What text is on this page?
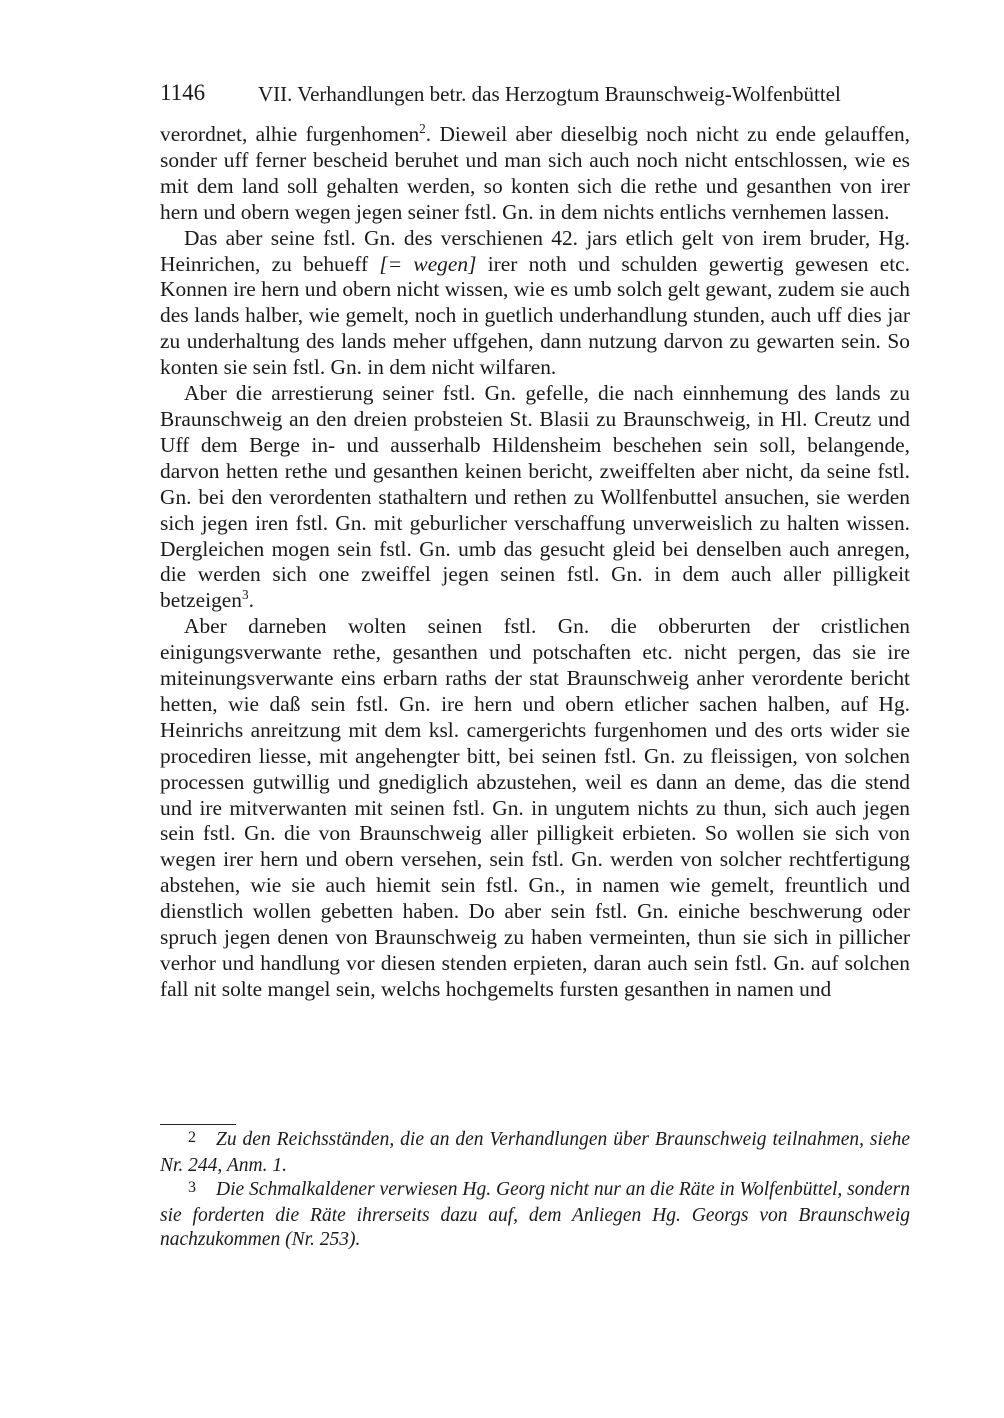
1146	VII. Verhandlungen betr. das Herzogtum Braunschweig-Wolfenbüttel

verordnet, alhie furgenhomen$^2$. Dieweil aber dieselbig noch nicht zu ende gelauffen, sonder uff ferner bescheid beruhet und man sich auch noch nicht entschlossen, wie es mit dem land soll gehalten werden, so konten sich die rethe und gesanthen von irer hern und obern wegen jegen seiner fstl. Gn. in dem nichts entlichs vernhemen lassen.

Das aber seine fstl. Gn. des verschienen 42. jars etlich gelt von irem bruder, Hg. Heinrichen, zu behueff [= wegen] irer noth und schulden gewertig gewesen etc. Konnen ire hern und obern nicht wissen, wie es umb solch gelt gewant, zudem sie auch des lands halber, wie gemelt, noch in guetlich underhandlung stunden, auch uff dies jar zu underhaltung des lands meher uffgehen, dann nutzung darvon zu gewarten sein. So konten sie sein fstl. Gn. in dem nicht wilfaren.

Aber die arrestierung seiner fstl. Gn. gefelle, die nach einnhemung des lands zu Braunschweig an den dreien probsteien St. Blasii zu Braunschweig, in Hl. Creutz und Uff dem Berge in- und ausserhalb Hildensheim beschehen sein soll, belangende, darvon hetten rethe und gesanthen keinen bericht, zweiffelten aber nicht, da seine fstl. Gn. bei den verordenten stathaltern und rethen zu Wollfenbuttel ansuchen, sie werden sich jegen iren fstl. Gn. mit geburlicher verschaffung unverweislich zu halten wissen. Dergleichen mogen sein fstl. Gn. umb das gesucht gleid bei denselben auch anregen, die werden sich one zweiffel jegen seinen fstl. Gn. in dem auch aller pilligkeit betzeigen$^3$.

Aber darneben wolten seinen fstl. Gn. die obberurten der cristlichen einigungsverwante rethe, gesanthen und potschaften etc. nicht pergen, das sie ire miteinungsverwante eins erbarn raths der stat Braunschweig anher verordente bericht hetten, wie daß sein fstl. Gn. ire hern und obern etlicher sachen halben, auf Hg. Heinrichs anreitzung mit dem ksl. camergerichts furgenhomen und des orts wider sie procediren liesse, mit angehengter bitt, bei seinen fstl. Gn. zu fleissigen, von solchen processen gutwillig und gnediglich abzustehen, weil es dann an deme, das die stend und ire mitverwanten mit seinen fstl. Gn. in ungutem nichts zu thun, sich auch jegen sein fstl. Gn. die von Braunschweig aller pilligkeit erbieten. So wollen sie sich von wegen irer hern und obern versehen, sein fstl. Gn. werden von solcher rechtfertigung abstehen, wie sie auch hiemit sein fstl. Gn., in namen wie gemelt, freuntlich und dienstlich wollen gebetten haben. Do aber sein fstl. Gn. einiche beschwerung oder spruch jegen denen von Braunschweig zu haben vermeinten, thun sie sich in pillicher verhor und handlung vor diesen stenden erpieten, daran auch sein fstl. Gn. auf solchen fall nit solte mangel sein, welchs hochgemelts fursten gesanthen in namen und

2 Zu den Reichsständen, die an den Verhandlungen über Braunschweig teilnahmen, siehe Nr. 244, Anm. 1.

3 Die Schmalkaldener verwiesen Hg. Georg nicht nur an die Räte in Wolfenbüttel, sondern sie forderten die Räte ihrerseits dazu auf, dem Anliegen Hg. Georgs von Braunschweig nachzukommen (Nr. 253).
